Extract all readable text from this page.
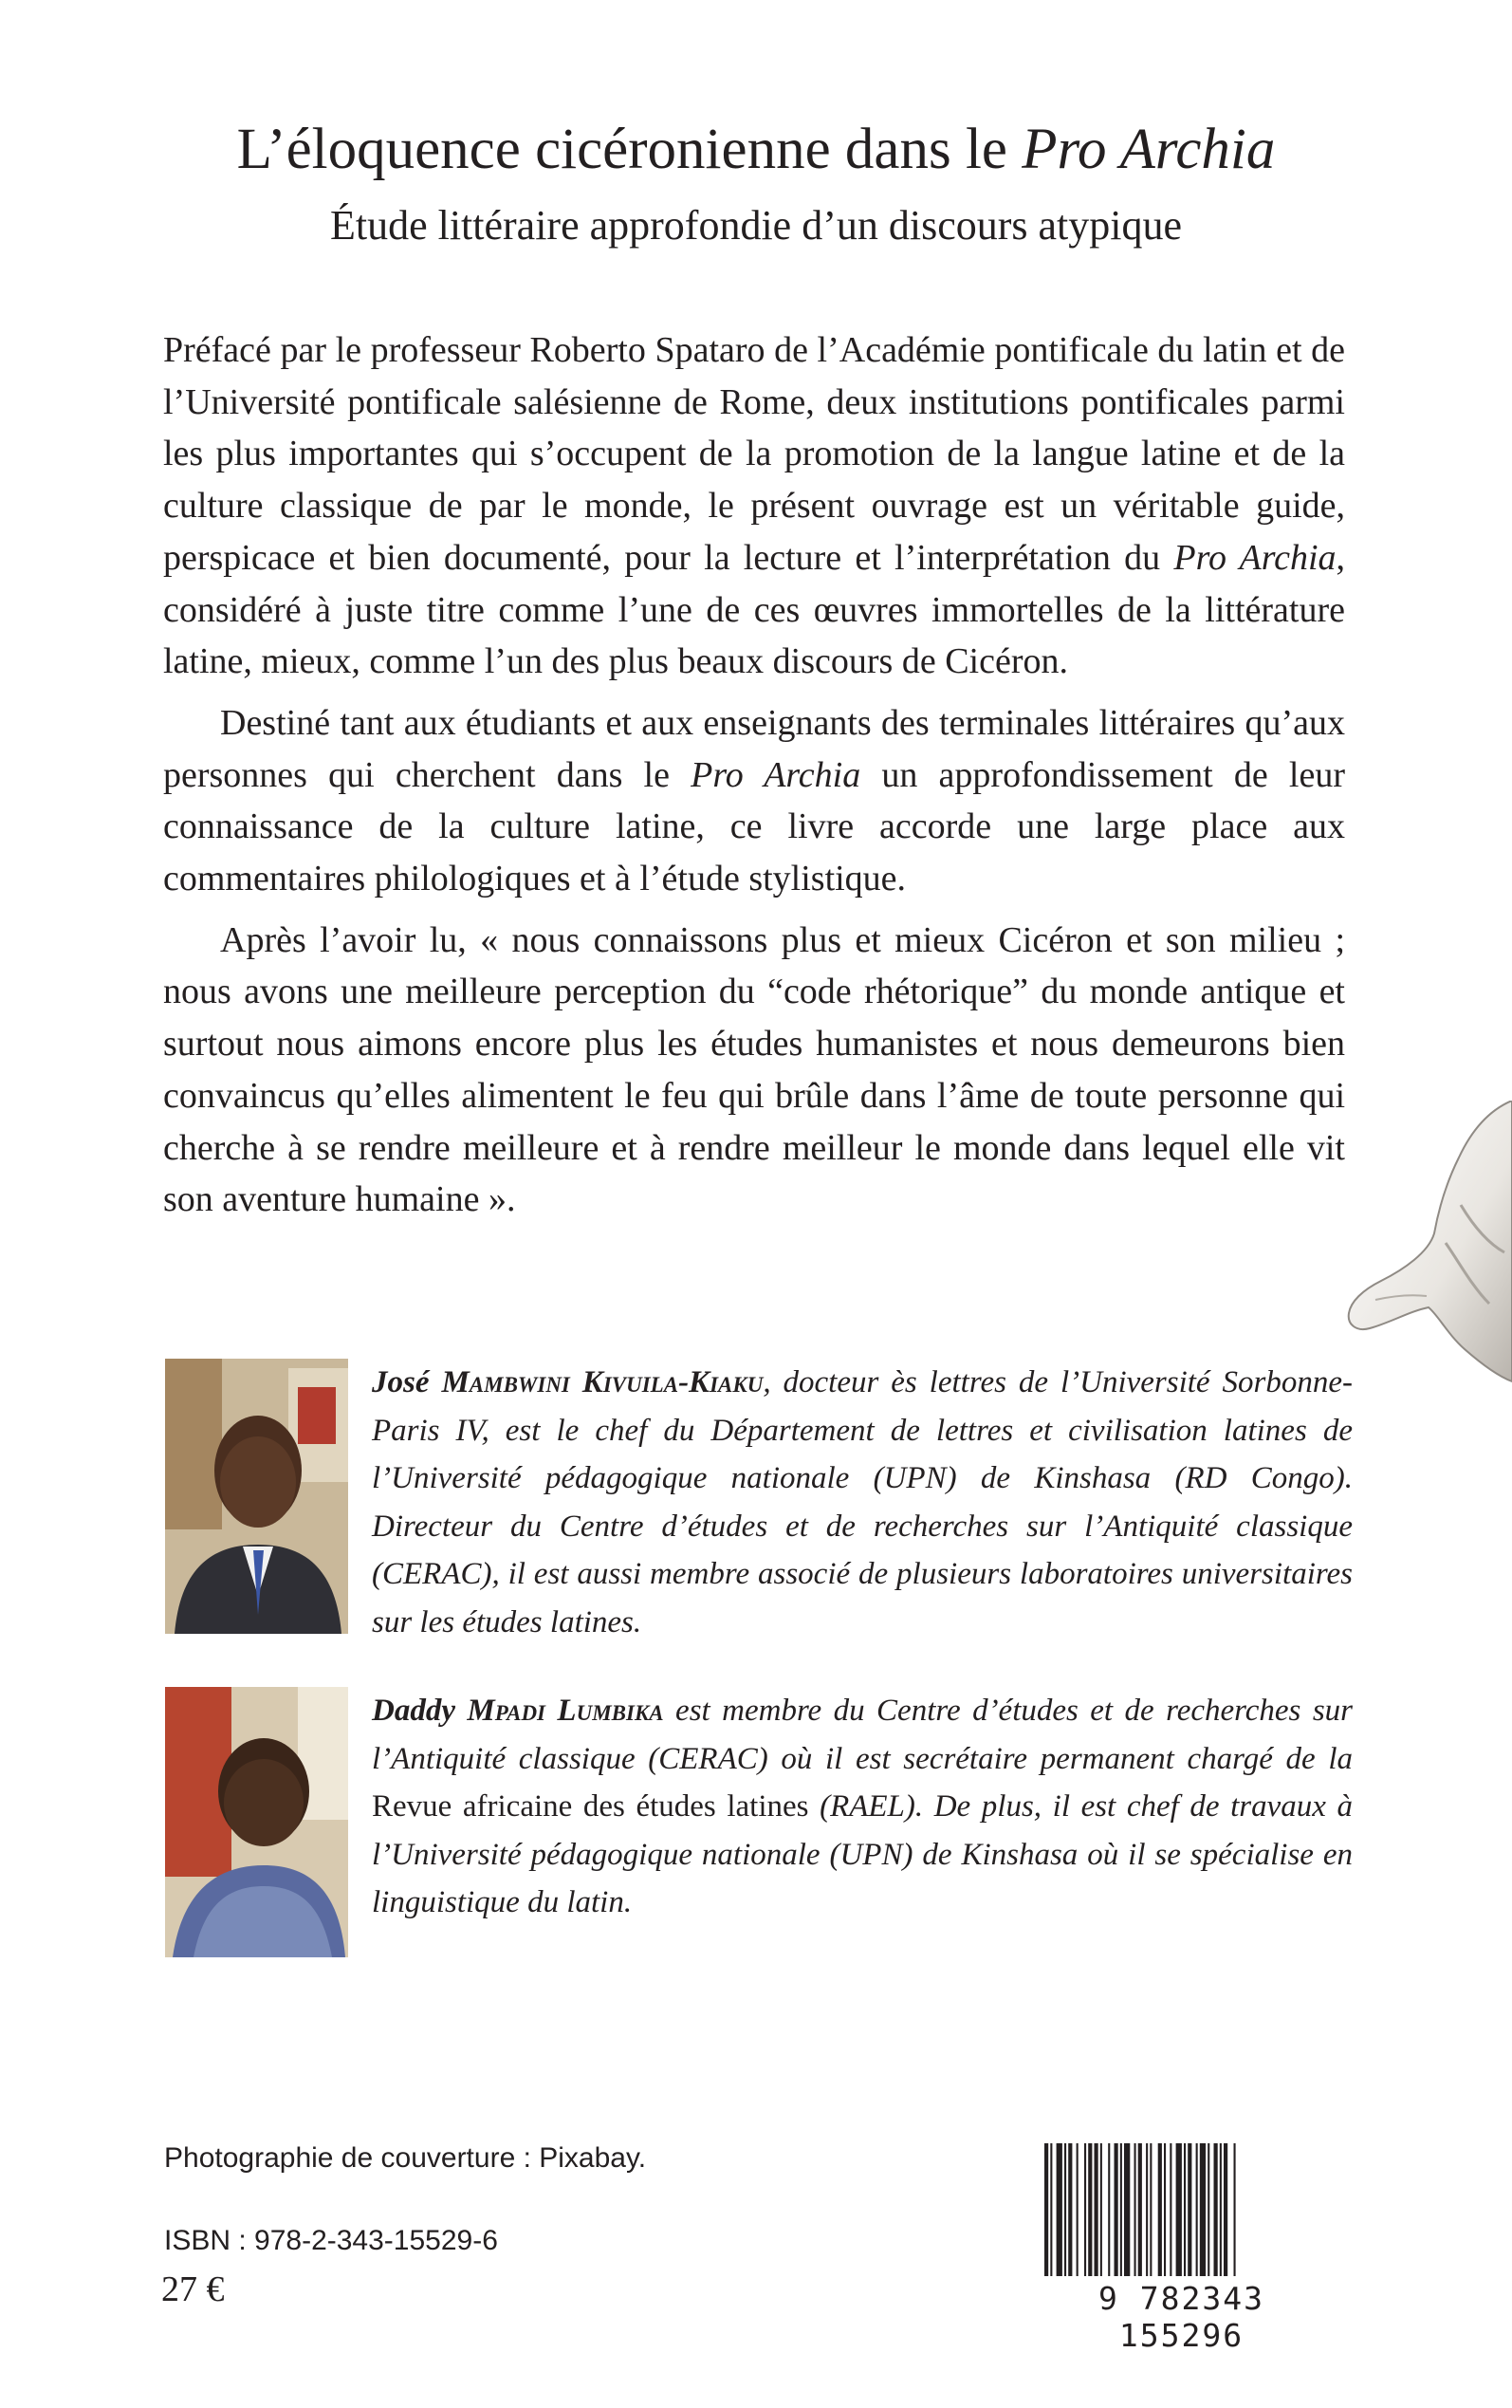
L’éloquence cicéronienne dans le Pro Archia
Étude littéraire approfondie d’un discours atypique

Préfacé par le professeur Roberto Spataro de l’Académie pontificale du latin et de l’Université pontificale salésienne de Rome, deux institutions pontificales parmi les plus importantes qui s’occupent de la promotion de la langue latine et de la culture classique de par le monde, le présent ouvrage est un véritable guide, perspicace et bien documenté, pour la lecture et l’interprétation du Pro Archia, considéré à juste titre comme l’une de ces œuvres immortelles de la littérature latine, mieux, comme l’un des plus beaux discours de Cicéron.

Destiné tant aux étudiants et aux enseignants des terminales littéraires qu’aux personnes qui cherchent dans le Pro Archia un approfondissement de leur connaissance de la culture latine, ce livre accorde une large place aux commentaires philologiques et à l’étude stylistique.

Après l’avoir lu, « nous connaissons plus et mieux Cicéron et son milieu ; nous avons une meilleure perception du “code rhétorique” du monde antique et surtout nous aimons encore plus les études humanistes et nous demeurons bien convaincus qu’elles alimentent le feu qui brûle dans l’âme de toute personne qui cherche à se rendre meilleure et à rendre meilleur le monde dans lequel elle vit son aventure humaine ».

José Mambwini Kivuila-Kiaku, docteur ès lettres de l’Université Sorbonne-Paris IV, est le chef du Département de lettres et civilisation latines de l’Université pédagogique nationale (UPN) de Kinshasa (RD Congo). Directeur du Centre d’études et de recherches sur l’Antiquité classique (CERAC), il est aussi membre associé de plusieurs laboratoires universitaires sur les études latines.

Daddy Mpadi Lumbika est membre du Centre d’études et de recherches sur l’Antiquité classique (CERAC) où il est secrétaire permanent chargé de la Revue africaine des études latines (RAEL). De plus, il est chef de travaux à l’Université pédagogique nationale (UPN) de Kinshasa où il se spécialise en linguistique du latin.

Photographie de couverture : Pixabay.

ISBN : 978-2-343-15529-6

27 €	9 782343 155296
